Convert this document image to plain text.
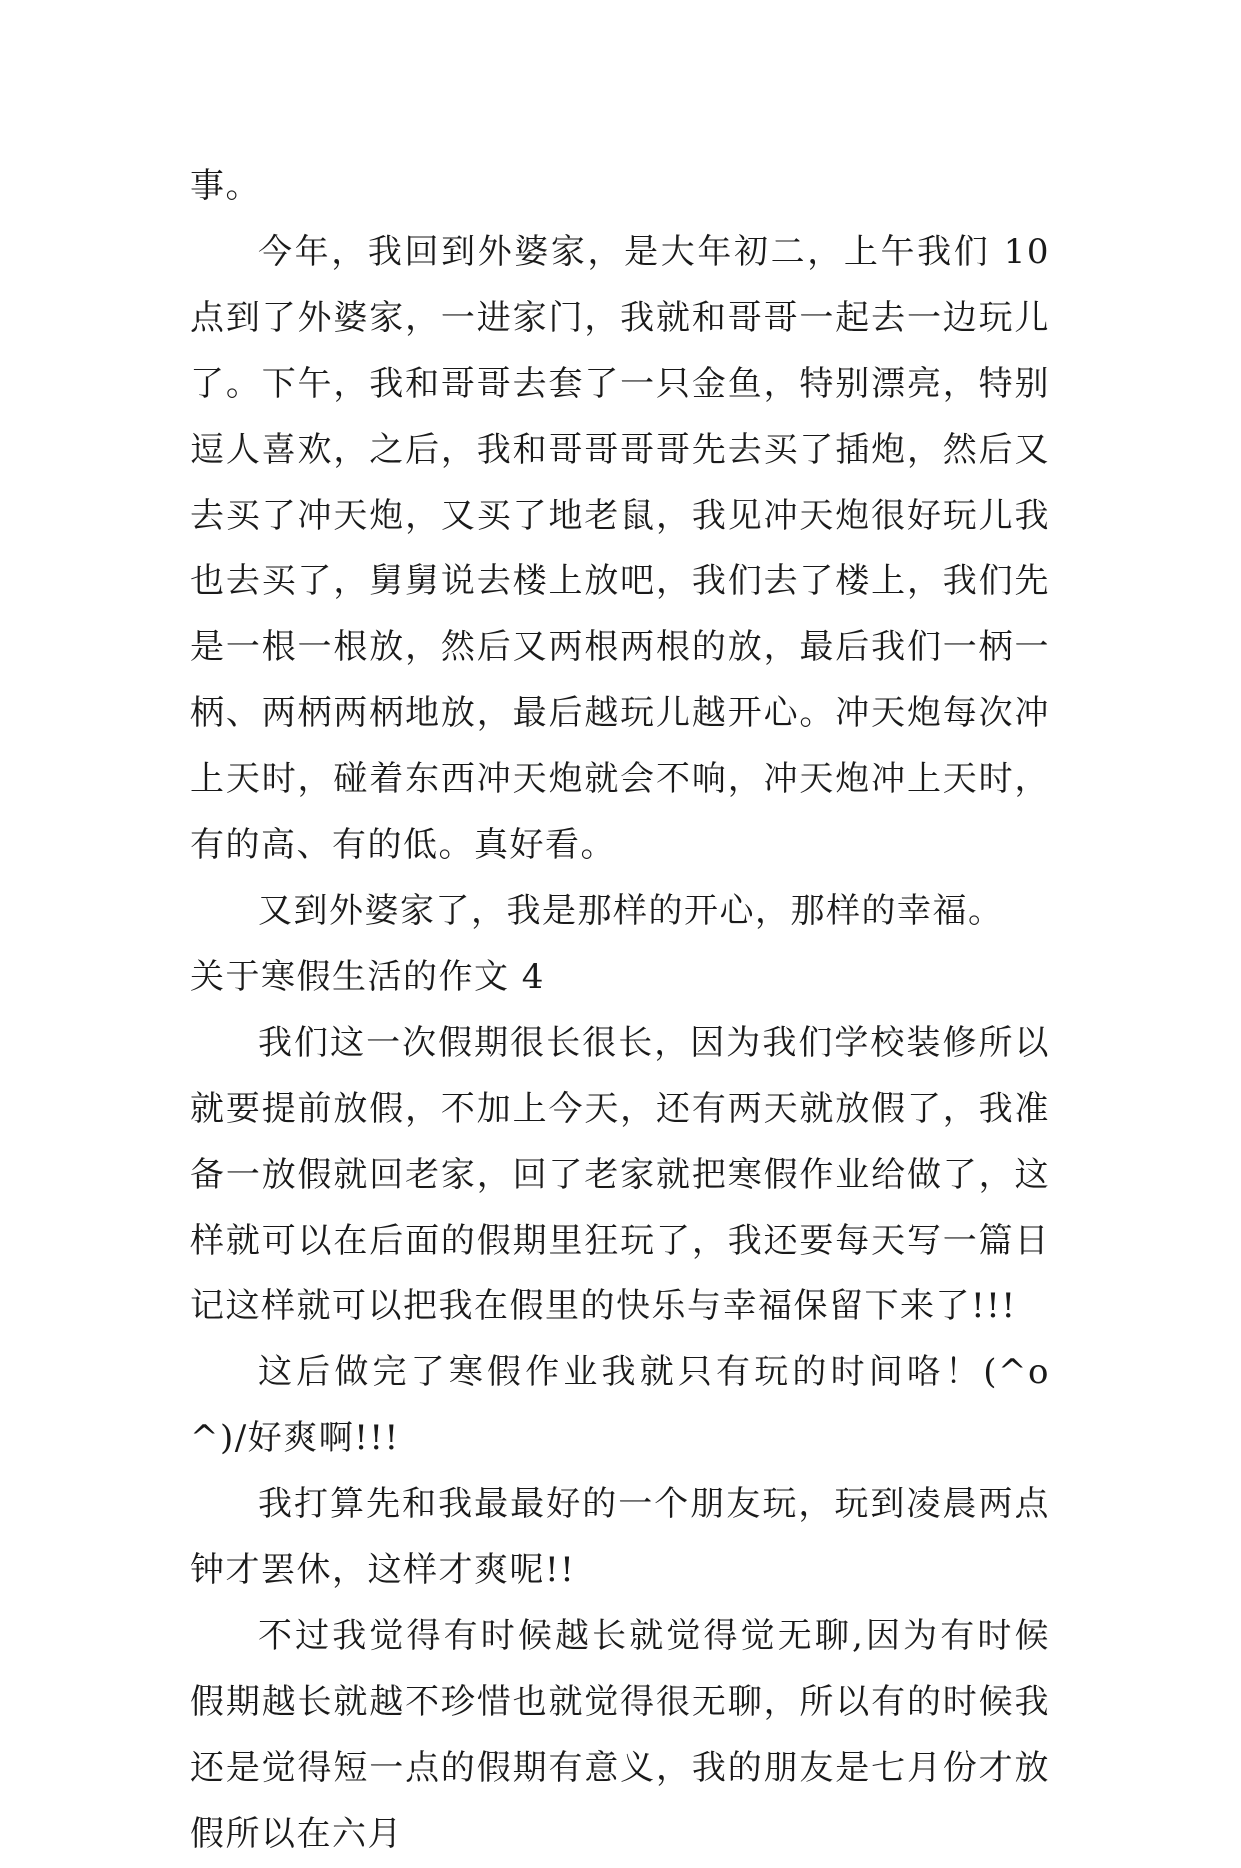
事。

今年，我回到外婆家，是大年初二，上午我们 10 点到了外婆家，一进家门，我就和哥哥一起去一边玩儿了。下午，我和哥哥去套了一只金鱼，特别漂亮，特别逗人喜欢，之后，我和哥哥哥哥先去买了插炮，然后又去买了冲天炮，又买了地老鼠，我见冲天炮很好玩儿我也去买了，舅舅说去楼上放吧，我们去了楼上，我们先是一根一根放，然后又两根两根的放，最后我们一柄一柄、两柄两柄地放，最后越玩儿越开心。冲天炮每次冲上天时，碰着东西冲天炮就会不响，冲天炮冲上天时，有的高、有的低。真好看。

又到外婆家了，我是那样的开心，那样的幸福。

关于寒假生活的作文 4

我们这一次假期很长很长，因为我们学校装修所以就要提前放假，不加上今天，还有两天就放假了，我准备一放假就回老家，回了老家就把寒假作业给做了，这样就可以在后面的假期里狂玩了，我还要每天写一篇日记这样就可以把我在假里的快乐与幸福保留下来了!!!

这后做完了寒假作业我就只有玩的时间咯！(^o^)/好爽啊!!!

我打算先和我最最好的一个朋友玩，玩到凌晨两点钟才罢休，这样才爽呢!!

不过我觉得有时候越长就觉得觉无聊,因为有时候假期越长就越不珍惜也就觉得很无聊，所以有的时候我还是觉得短一点的假期有意义，我的朋友是七月份才放假所以在六月
